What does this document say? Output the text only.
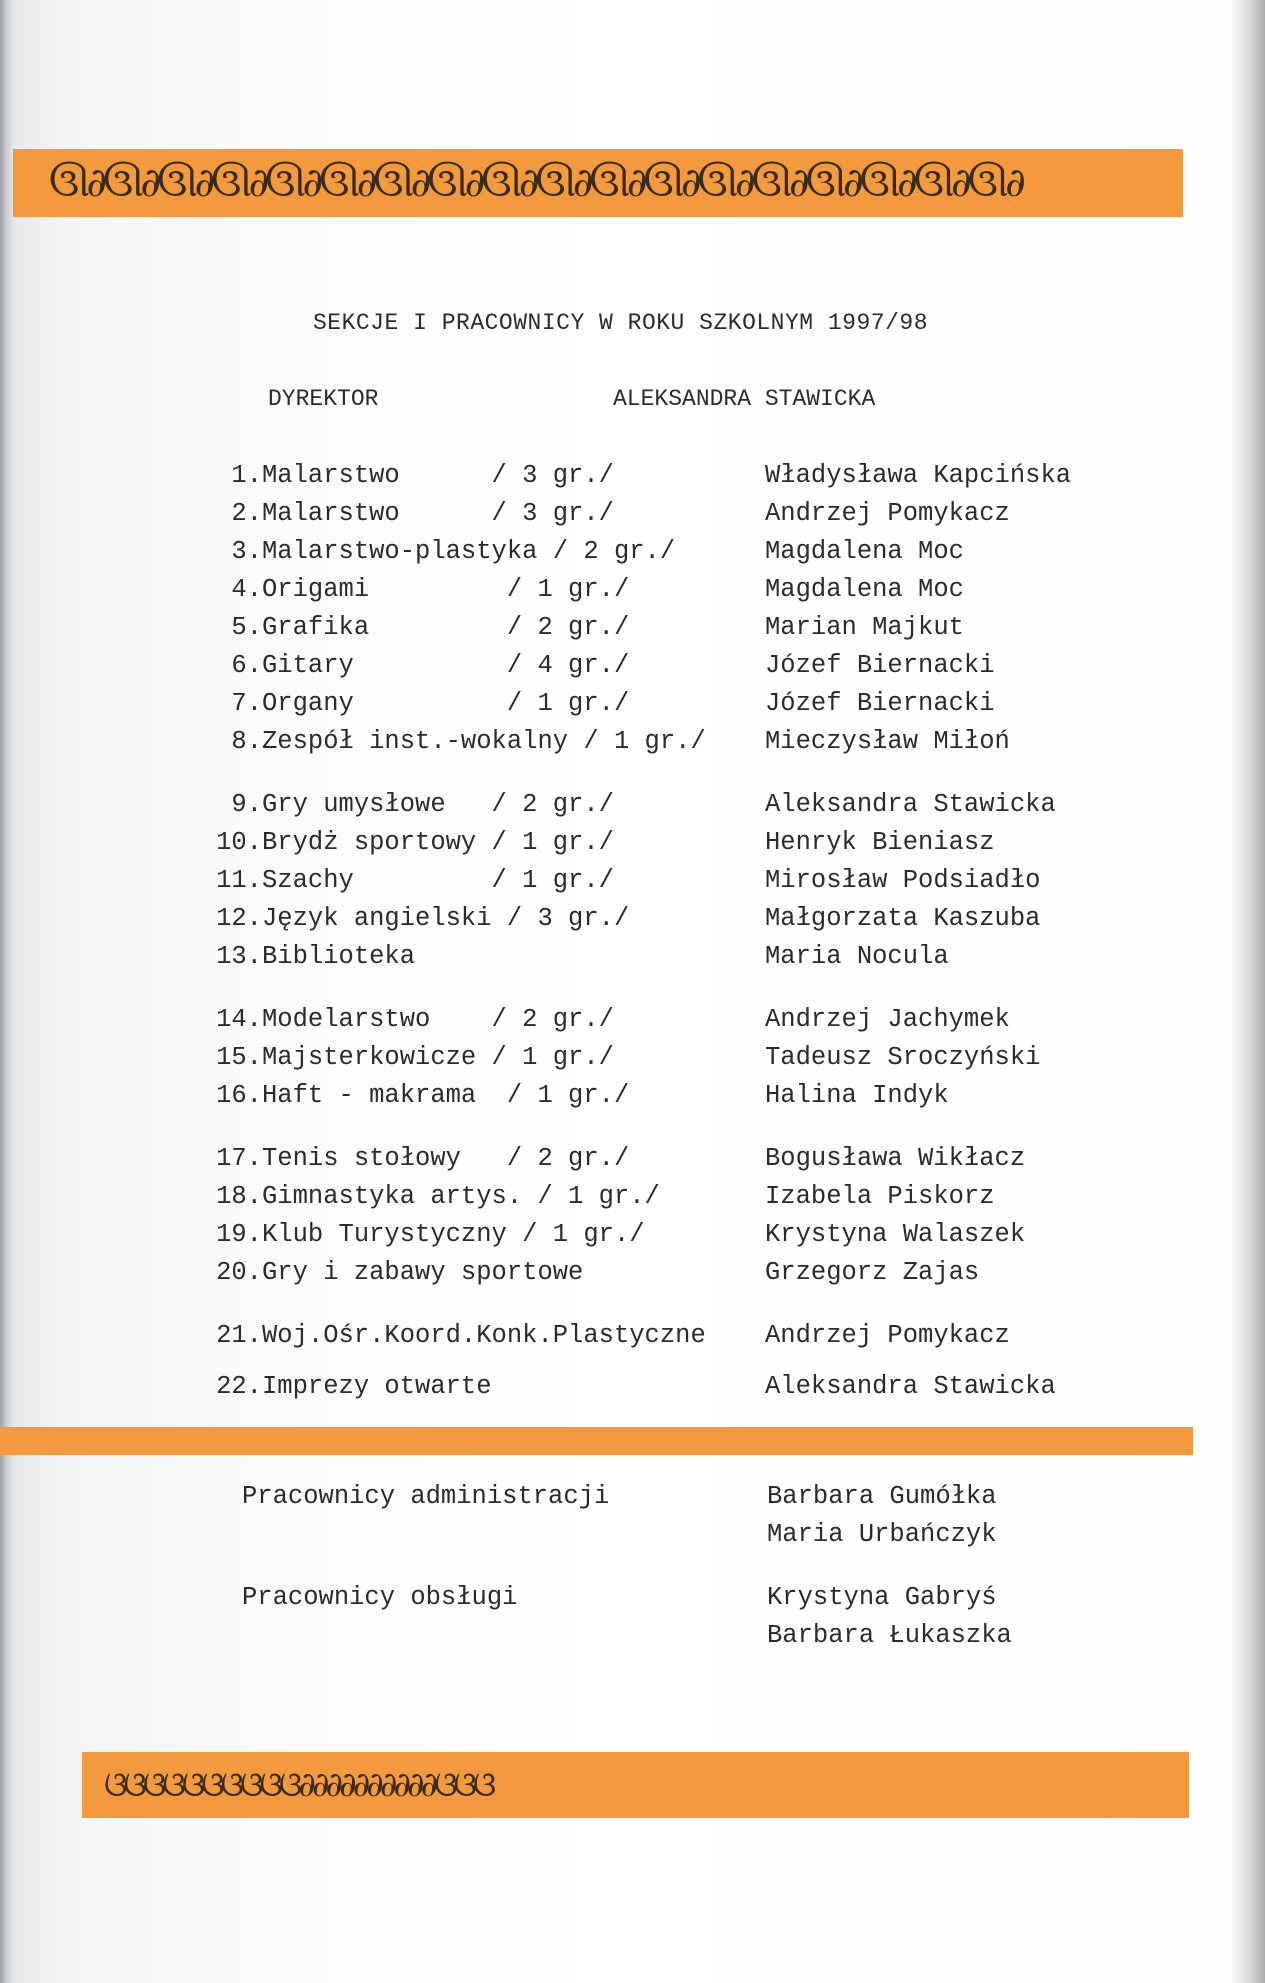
ઊ∂ઊ∂ઊ∂ઊ∂ઊ∂ઊ∂ઊ∂ઊ∂ઊ∂ઊ∂ઊ∂ઊ∂ઊ∂ઊ∂ઊ∂ઊ∂ઊ∂ઊ∂
SEKCJE I PRACOWNICY W ROKU SZKOLNYM 1997/98
DYREKTOR	ALEKSANDRA STAWICKA
1. Malarstwo      / 3 gr./	Władysława Kapcińska
2. Malarstwo      / 3 gr./	Andrzej Pomykacz
3. Malarstwo-plastyka / 2 gr./	Magdalena Moc
4. Origami         / 1 gr./	Magdalena Moc
5. Grafika         / 2 gr./	Marian Majkut
6. Gitary          / 4 gr./	Józef Biernacki
7. Organy          / 1 gr./	Józef Biernacki
8. Zespół inst.-wokalny / 1 gr./ Mieczysław Miłoń
9. Gry umysłowe   / 2 gr./	Aleksandra Stawicka
10. Brydż sportowy / 1 gr./	Henryk Bieniasz
11. Szachy         / 1 gr./	Mirosław Podsiadło
12. Język angielski / 3 gr./	Małgorzata Kaszuba
13. Biblioteka	Maria Nocula
14. Modelarstwo    / 2 gr./	Andrzej Jachymek
15. Majsterkowicze / 1 gr./	Tadeusz Sroczyński
16. Haft - makrama  / 1 gr./	Halina Indyk
17. Tenis stołowy   / 2 gr./	Bogusława Wikłacz
18. Gimnastyka artys. / 1 gr./	Izabela Piskorz
19. Klub Turystyczny / 1 gr./	Krystyna Walaszek
20. Gry i zabawy sportowe	Grzegorz Zajas
21. Woj.Ośr.Koord.Konk.Plastyczne Andrzej Pomykacz
22. Imprezy otwarte	Aleksandra Stawicka
Pracownicy administracji	Barbara Gumółka
Maria Urbańczyk
Pracownicy obsługi	Krystyna Gabryś
Barbara Łukaszka
ଓଓଓଓଓଓଓଓଓଓ∂∂∂∂∂∂∂∂∂∂ଓଓଓ
